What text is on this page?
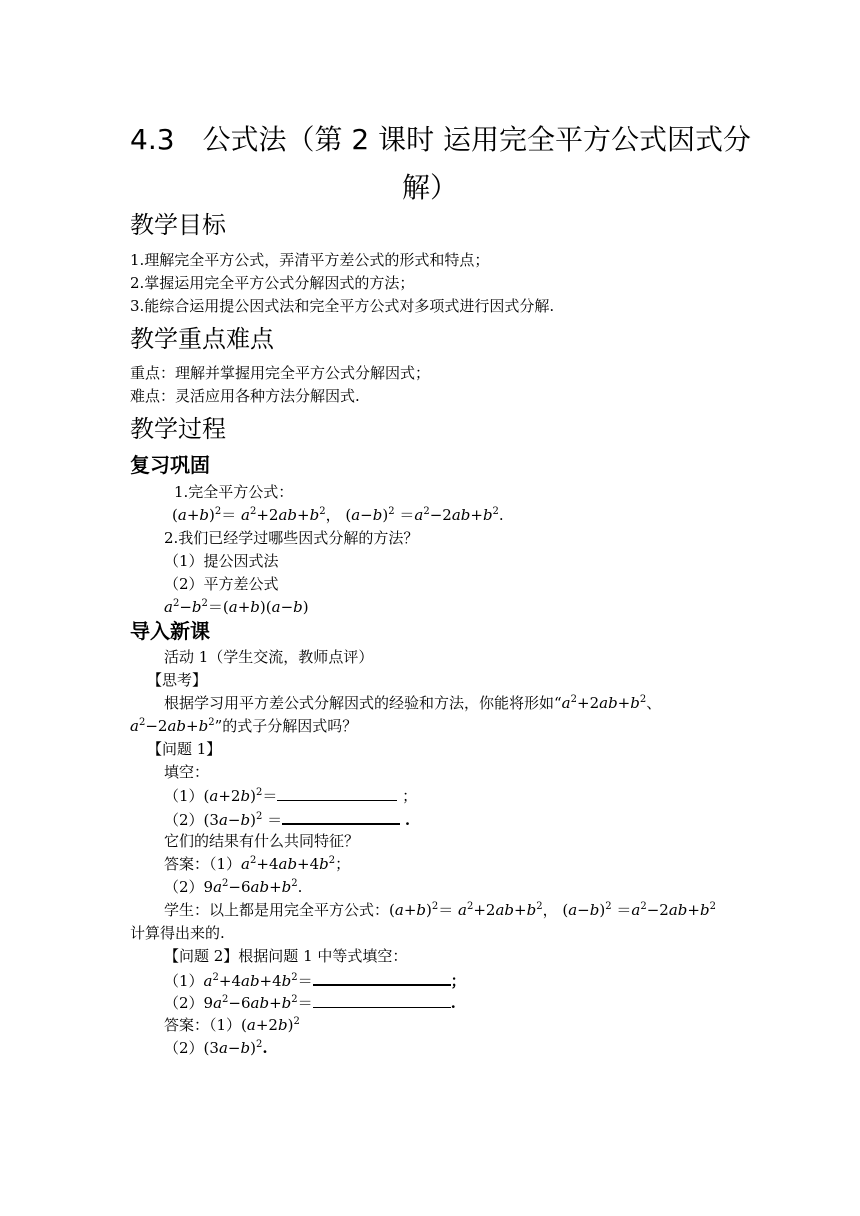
4.3　公式法（第 2 课时 运用完全平方公式因式分
解）
教学目标
1.理解完全平方公式，弄清平方差公式的形式和特点；
2.掌握运用完全平方公式分解因式的方法；
3.能综合运用提公因式法和完全平方公式对多项式进行因式分解.
教学重点难点
重点：理解并掌握用完全平方公式分解因式；
难点：灵活应用各种方法分解因式.
教学过程
复习巩固
1.完全平方公式：
$(a+b)^2= a^2+2ab+b^2$， $(a-b)^2 =a^2-2ab+b^2$.
2.我们已经学过哪些因式分解的方法？
（1）提公因式法
（2）平方差公式
$a^2-b^2=(a+b)(a-b)$
导入新课
活动 1（学生交流，教师点评）
【思考】
根据学习用平方差公式分解因式的经验和方法，你能将形如“$a^2+2ab+b^2$、
$a^2-2ab+b^2$”的式子分解因式吗？
【问题 1】
填空：
$(1)(a+2b)^2=$	；
$(2)(3a-b)^2$ ＝	.
它们的结果有什么共同特征？
答案：$(1)a^2+4ab+4b^2$；
$(2)9a^2-6ab+b^2$.
学生：以上都是用完全平方公式：$(a+b)^2= a^2+2ab+b^2$， $(a-b)^2 =a^2-2ab+b^2$
计算得出来的.
【问题 2】根据问题 1 中等式填空：
$(1)a^2+4ab+4b^2=$	；
$(2)9a^2-6ab+b^2=$	.
答案：$(1)(a+2b)^2$
$(2)(3a-b)^2$.
